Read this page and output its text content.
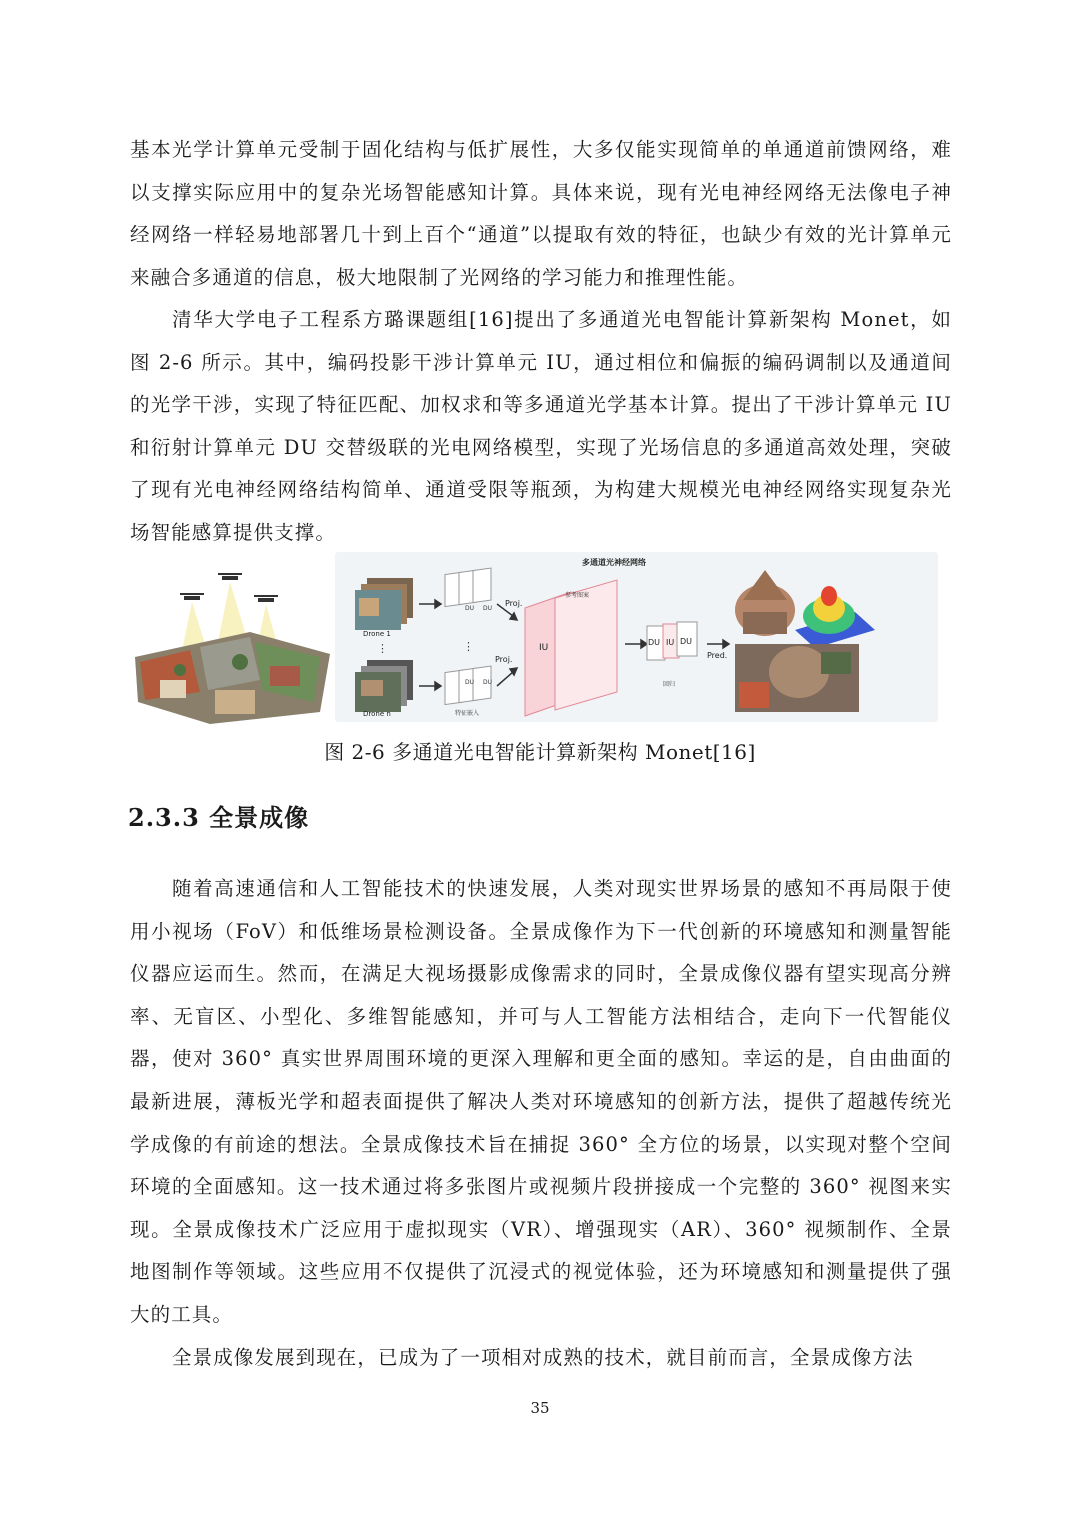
基本光学计算单元受制于固化结构与低扩展性，大多仅能实现简单的单通道前馈网络，难以支撑实际应用中的复杂光场智能感知计算。具体来说，现有光电神经网络无法像电子神经网络一样轻易地部署几十到上百个“通道”以提取有效的特征，也缺少有效的光计算单元来融合多通道的信息，极大地限制了光网络的学习能力和推理性能。

清华大学电子工程系方璐课题组[16]提出了多通道光电智能计算新架构 Monet，如图 2-6 所示。其中，编码投影干涉计算单元 IU，通过相位和偏振的编码调制以及通道间的光学干涉，实现了特征匹配、加权求和等多通道光学基本计算。提出了干涉计算单元 IU 和衍射计算单元 DU 交替级联的光电网络模型，实现了光场信息的多通道高效处理，突破了现有光电神经网络结构简单、通道受限等瓶颈，为构建大规模光电神经网络实现复杂光场智能感算提供支撑。

多通道光神经网络
Drone 1
⋮
Drone n
DU DU
⋮
DU DU
Proj.
Proj.
IU
参考图案
DU IU DU
Pred.
回归
特征嵌入
图 2-6 多通道光电智能计算新架构 Monet[16]
2.3.3 全景成像

随着高速通信和人工智能技术的快速发展，人类对现实世界场景的感知不再局限于使用小视场（FoV）和低维场景检测设备。全景成像作为下一代创新的环境感知和测量智能仪器应运而生。然而，在满足大视场摄影成像需求的同时，全景成像仪器有望实现高分辨率、无盲区、小型化、多维智能感知，并可与人工智能方法相结合，走向下一代智能仪器，使对 360° 真实世界周围环境的更深入理解和更全面的感知。幸运的是，自由曲面的最新进展，薄板光学和超表面提供了解决人类对环境感知的创新方法，提供了超越传统光学成像的有前途的想法。全景成像技术旨在捕捉 360° 全方位的场景，以实现对整个空间环境的全面感知。这一技术通过将多张图片或视频片段拼接成一个完整的 360° 视图来实现。全景成像技术广泛应用于虚拟现实（VR）、增强现实（AR）、360° 视频制作、全景地图制作等领域。这些应用不仅提供了沉浸式的视觉体验，还为环境感知和测量提供了强大的工具。

全景成像发展到现在，已成为了一项相对成熟的技术，就目前而言，全景成像方法

35
